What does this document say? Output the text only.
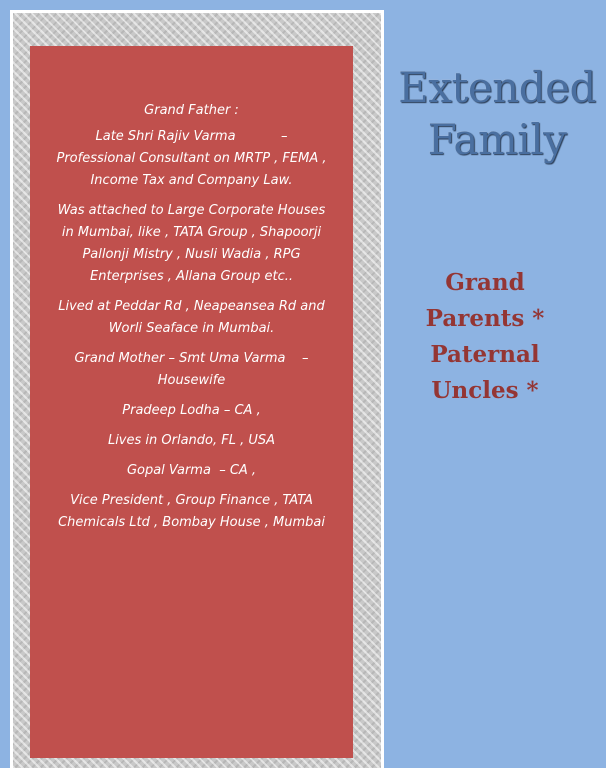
Grand Father :

Late Shri Rajiv Varma           –
Professional Consultant on MRTP , FEMA ,
Income Tax and Company Law.

Was attached to Large Corporate Houses
in Mumbai, like , TATA Group , Shapoorji
Pallonji Mistry , Nusli Wadia , RPG
Enterprises , Allana Group etc..

Lived at Peddar Rd , Neapeansea Rd and
Worli Seaface in Mumbai.

Grand Mother – Smt Uma Varma    –
Housewife

Pradeep Lodha – CA ,

Lives in Orlando, FL , USA

Gopal Varma  – CA ,

Vice President , Group Finance , TATA
Chemicals Ltd , Bombay House , Mumbai

Extended
Family
Grand
Parents *
Paternal
Uncles *
